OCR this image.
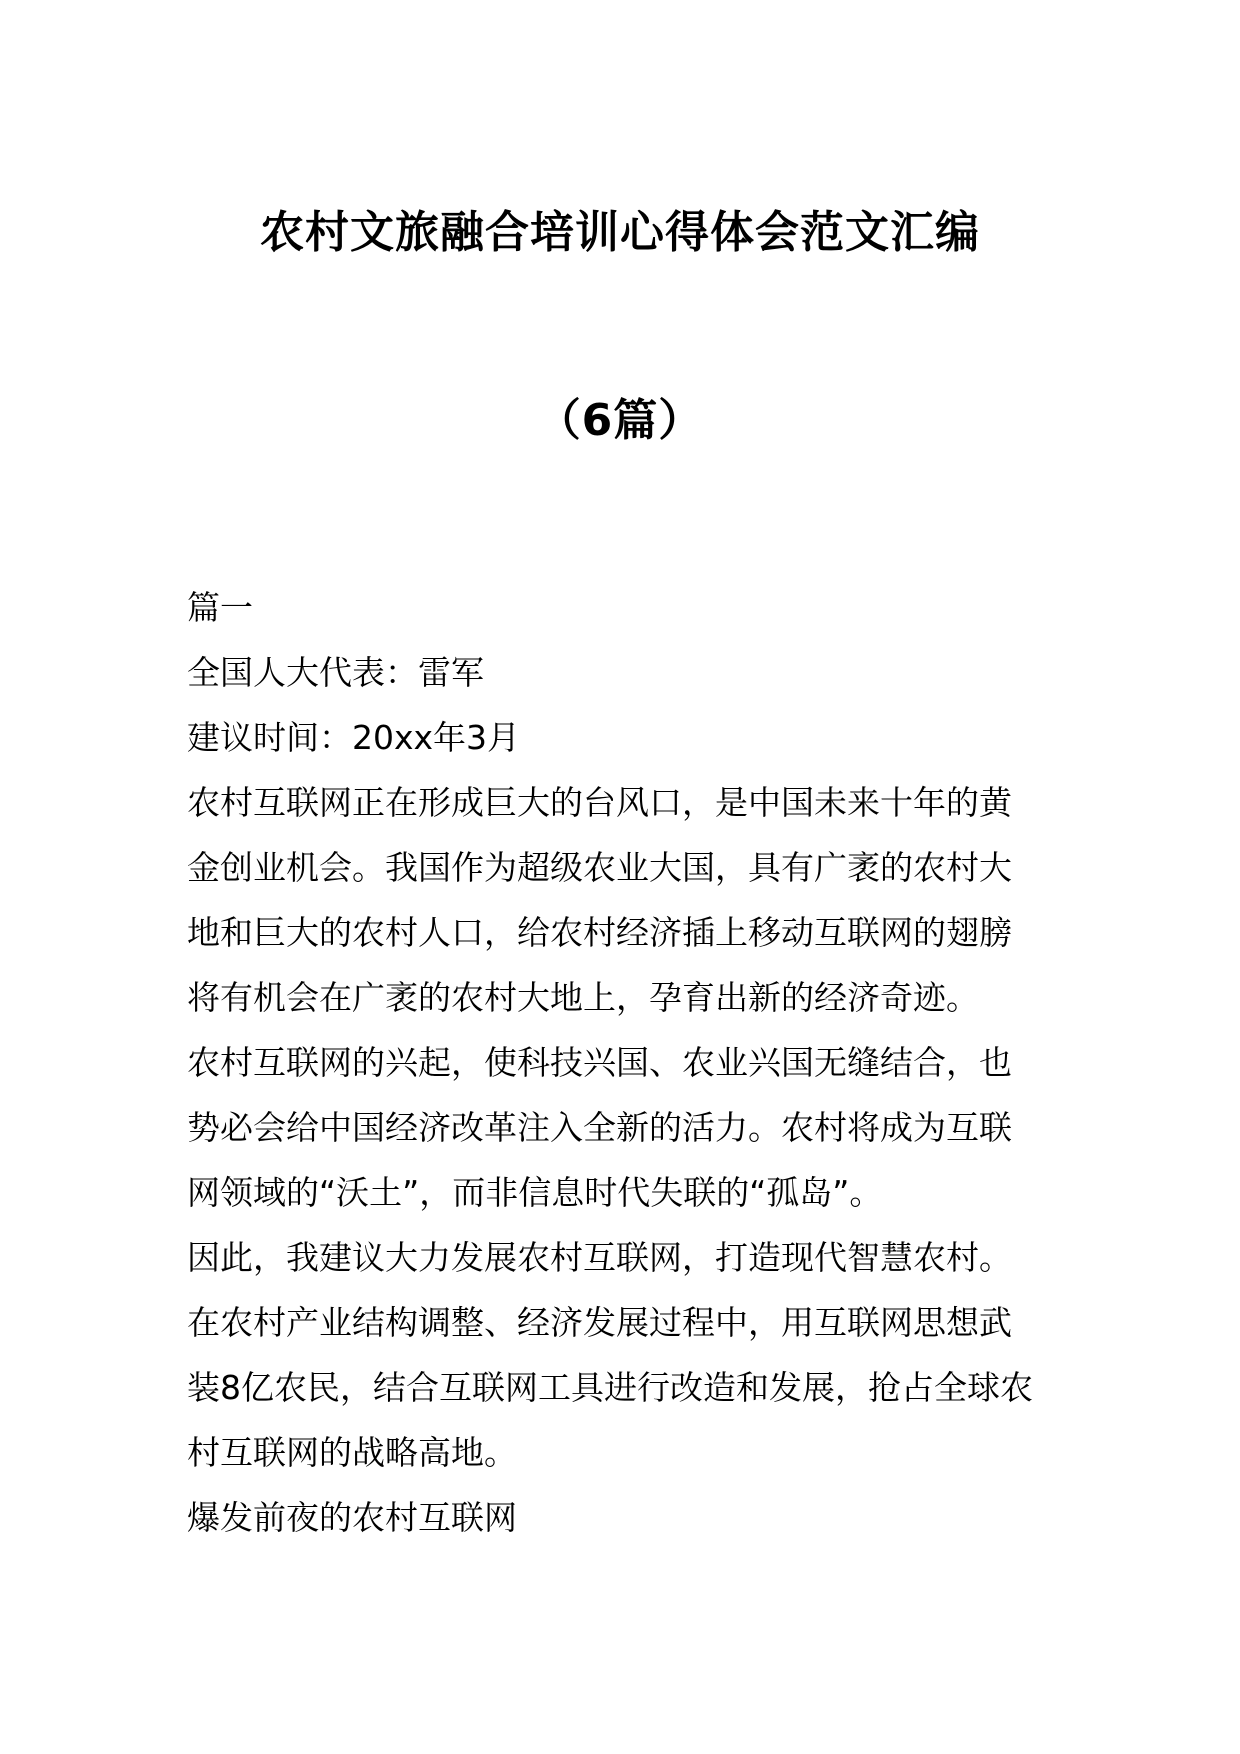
农村文旅融合培训心得体会范文汇编
（6篇）
篇一
全国人大代表：雷军
建议时间：20xx年3月
农村互联网正在形成巨大的台风口，是中国未来十年的黄
金创业机会。我国作为超级农业大国，具有广袤的农村大
地和巨大的农村人口，给农村经济插上移动互联网的翅膀
将有机会在广袤的农村大地上，孕育出新的经济奇迹。
农村互联网的兴起，使科技兴国、农业兴国无缝结合，也
势必会给中国经济改革注入全新的活力。农村将成为互联
网领域的“沃土”，而非信息时代失联的“孤岛”。
因此，我建议大力发展农村互联网，打造现代智慧农村。
在农村产业结构调整、经济发展过程中，用互联网思想武
装8亿农民，结合互联网工具进行改造和发展，抢占全球农
村互联网的战略高地。
爆发前夜的农村互联网
